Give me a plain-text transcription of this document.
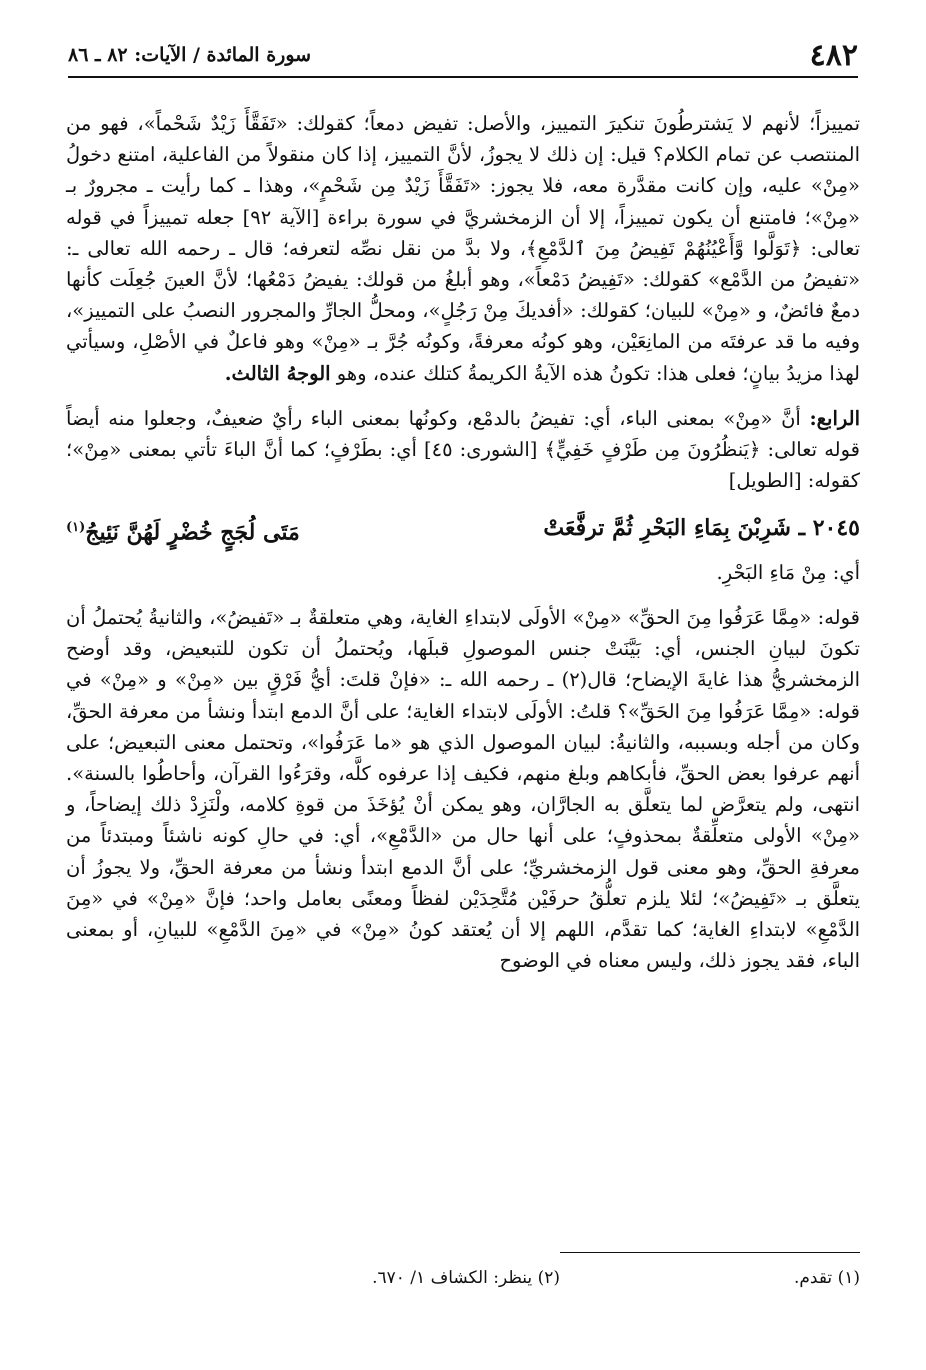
٤٨٢
سورة المائدة / الآيات: ٨٢ ـ ٨٦

تمييزاً؛ لأنهم لا يَشترطُونَ تنكيرَ التمييز، والأصل: تفيض دمعاً؛ كقولك: «تَفَقَّأَ زَيْدٌ شَحْماً»، فهو من المنتصب عن تمام الكلام؟ قيل: إن ذلك لا يجوزُ، لأنَّ التمييز، إذا كان منقولاً من الفاعلية، امتنع دخولُ «مِنْ» عليه، وإن كانت مقدَّرة معه، فلا يجوز: «تَفَقَّأَ زَيْدٌ مِن شَحْمٍ»، وهذا ـ كما رأيت ـ مجرورٌ بـ «مِنْ»؛ فامتنع أن يكون تمييزاً، إلا أن الزمخشريَّ في سورة براءة [الآية ٩٢] جعله تمييزاً في قوله تعالى: ﴿تَوَلَّوا وَّأَعْيُنُهُمْ تَفِيضُ مِنَ ٱلدَّمْعِ﴾، ولا بدَّ من نقل نصِّه لتعرفه؛ قال ـ رحمه الله تعالى ـ: «تفيضُ من الدَّمْع» كقولك: «تَفِيضُ دَمْعاً»، وهو أبلغُ من قولك: يفيضُ دَمْعُها؛ لأنَّ العينَ جُعِلَت كأنها دمعٌ فائضٌ، و «مِنْ» للبيان؛ كقولك: «أفديكَ مِنْ رَجُلٍ»، ومحلُّ الجارِّ والمجرور النصبُ على التمييز»، وفيه ما قد عرفتَه من المانِعَيْن، وهو كونُه معرفةً، وكونُه جُرَّ بـ «مِنْ» وهو فاعلٌ في الأصْلِ، وسيأتي لهذا مزيدُ بيانٍ؛ فعلى هذا: تكونُ هذه الآيةُ الكريمةُ كتلك عنده، وهو الوجهُ الثالث.

الرابع: أنَّ «مِنْ» بمعنى الباء، أي: تفيضُ بالدمْع، وكونُها بمعنى الباء رأيٌ ضعيفٌ، وجعلوا منه أيضاً قوله تعالى: ﴿يَنظُرُونَ مِن طَرْفٍ خَفِيٍّ﴾ [الشورى: ٤٥] أي: بطَرْفٍ؛ كما أنَّ الباءَ تأتي بمعنى «مِنْ»؛ كقوله: [الطويل]

٢٠٤٥ ـ شَرِبْنَ بِمَاءِ البَحْرِ ثُمَّ ترفَّعَتْ
مَتَى لُجَجٍ خُضْرٍ لَهُنَّ نَئِيجُ$^{(١)}$

أي: مِنْ مَاءِ البَحْرِ.

قوله: «مِمَّا عَرَفُوا مِنَ الحقِّ» «مِنْ» الأولَى لابتداءِ الغاية، وهي متعلقةٌ بـ «تَفيضُ»، والثانيةُ يُحتملُ أن تكونَ لبيانِ الجنس، أي: بَيَّنَتْ جنس الموصولِ قبلَها، ويُحتملُ أن تكون للتبعيض، وقد أوضح الزمخشريُّ هذا غايةَ الإيضاح؛ قال(٢) ـ رحمه الله ـ: «فإنْ قلتَ: أيُّ فَرْقٍ بين «مِنْ» و «مِنْ» في قوله: «مِمَّا عَرَفُوا مِنَ الحَقِّ»؟ قلتُ: الأولَى لابتداء الغاية؛ على أنَّ الدمع ابتدأ ونشأ من معرفة الحقِّ، وكان من أجله وبسببه، والثانيةُ: لبيان الموصول الذي هو «ما عَرَفُوا»، وتحتمل معنى التبعيض؛ على أنهم عرفوا بعض الحقِّ، فأبكاهم وبلغ منهم، فكيف إذا عرفوه كلَّه، وقرَءُوا القرآن، وأحاطُوا بالسنة». انتهى، ولم يتعرَّض لما يتعلَّق به الجارَّان، وهو يمكن أنْ يُؤخَذَ من قوةِ كلامه، ولْنَزِدْ ذلك إيضاحاً، و «مِنْ» الأولى متعلِّقةٌ بمحذوفٍ؛ على أنها حال من «الدَّمْعِ»، أي: في حالِ كونه ناشئاً ومبتدئاً من معرفةِ الحقِّ، وهو معنى قول الزمخشريِّ؛ على أنَّ الدمع ابتدأ ونشأ من معرفة الحقِّ، ولا يجوزُ أن يتعلَّق بـ «تَفِيضُ»؛ لئلا يلزم تعلُّقُ حرفَيْن مُتَّحِدَيْن لفظاً ومعنًى بعامل واحد؛ فإنَّ «مِنْ» في «مِنَ الدَّمْعِ» لابتداءِ الغاية؛ كما تقدَّم، اللهم إلا أن يُعتقد كونُ «مِنْ» في «مِنَ الدَّمْعِ» للبيانِ، أو بمعنى الباء، فقد يجوز ذلك، وليس معناه في الوضوح

(١) تقدم.
(٢) ينظر: الكشاف ١/ ٦٧٠.
